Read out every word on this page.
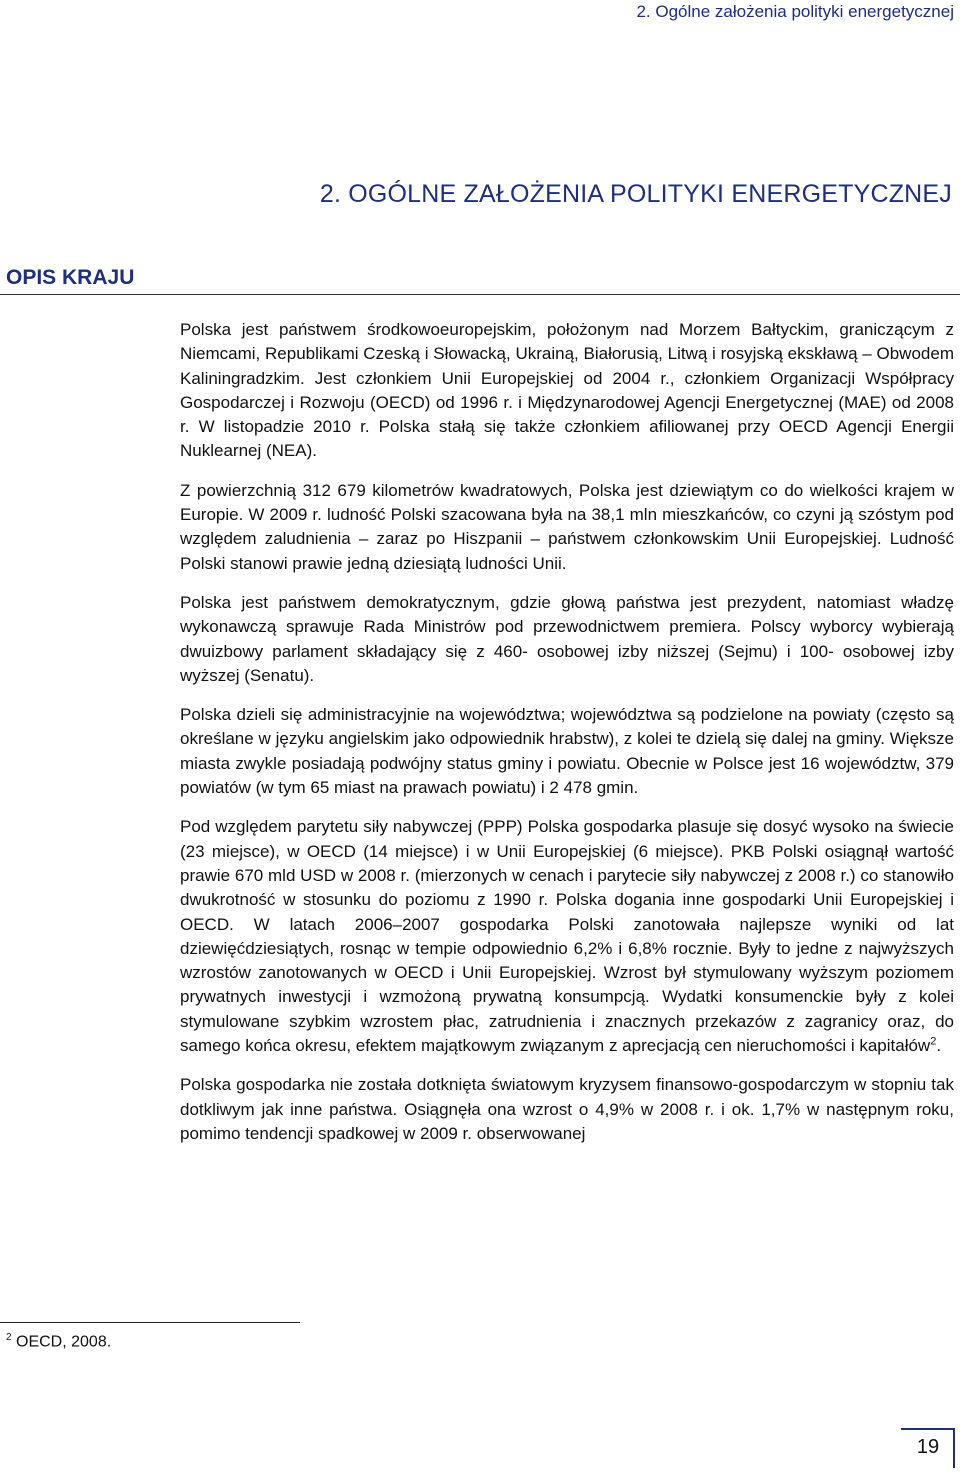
2. Ogólne założenia polityki energetycznej
2. OGÓLNE ZAŁOŻENIA POLITYKI ENERGETYCZNEJ
OPIS KRAJU

Polska jest państwem środkowoeuropejskim, położonym nad Morzem Bałtyckim, graniczącym z Niemcami, Republikami Czeską i Słowacką, Ukrainą, Białorusią, Litwą i rosyjską ekskławą – Obwodem Kaliningradzkim. Jest członkiem Unii Europejskiej od 2004 r., członkiem Organizacji Współpracy Gospodarczej i Rozwoju (OECD) od 1996 r. i Międzynarodowej Agencji Energetycznej (MAE) od 2008 r. W listopadzie 2010 r. Polska stałą się także członkiem afiliowanej przy OECD Agencji Energii Nuklearnej (NEA).

Z powierzchnią 312 679 kilometrów kwadratowych, Polska jest dziewiątym co do wielkości krajem w Europie. W 2009 r. ludność Polski szacowana była na 38,1 mln mieszkańców, co czyni ją szóstym pod względem zaludnienia – zaraz po Hiszpanii – państwem członkowskim Unii Europejskiej. Ludność Polski stanowi prawie jedną dziesiątą ludności Unii.

Polska jest państwem demokratycznym, gdzie głową państwa jest prezydent, natomiast władzę wykonawczą sprawuje Rada Ministrów pod przewodnictwem premiera. Polscy wyborcy wybierają dwuizbowy parlament składający się z 460- osobowej izby niższej (Sejmu) i 100- osobowej izby wyższej (Senatu).

Polska dzieli się administracyjnie na województwa; województwa są podzielone na powiaty (często są określane w języku angielskim jako odpowiednik hrabstw), z kolei te dzielą się dalej na gminy. Większe miasta zwykle posiadają podwójny status gminy i powiatu. Obecnie w Polsce jest 16 województw, 379 powiatów (w tym 65 miast na prawach powiatu) i 2 478 gmin.

Pod względem parytetu siły nabywczej (PPP) Polska gospodarka plasuje się dosyć wysoko na świecie (23 miejsce), w OECD (14 miejsce) i w Unii Europejskiej (6 miejsce). PKB Polski osiągnął wartość prawie 670 mld USD w 2008 r. (mierzonych w cenach i parytecie siły nabywczej z 2008 r.) co stanowiło dwukrotność w stosunku do poziomu z 1990 r. Polska dogania inne gospodarki Unii Europejskiej i OECD. W latach 2006–2007 gospodarka Polski zanotowała najlepsze wyniki od lat dziewięćdziesiątych, rosnąc w tempie odpowiednio 6,2% i 6,8% rocznie. Były to jedne z najwyższych wzrostów zanotowanych w OECD i Unii Europejskiej. Wzrost był stymulowany wyższym poziomem prywatnych inwestycji i wzmożoną prywatną konsumpcją. Wydatki konsumenckie były z kolei stymulowane szybkim wzrostem płac, zatrudnienia i znacznych przekazów z zagranicy oraz, do samego końca okresu, efektem majątkowym związanym z aprecjacją cen nieruchomości i kapitałów$^2$.

Polska gospodarka nie została dotknięta światowym kryzysem finansowo-gospodarczym w stopniu tak dotkliwym jak inne państwa. Osiągnęła ona wzrost o 4,9% w 2008 r. i ok. 1,7% w następnym roku, pomimo tendencji spadkowej w 2009 r. obserwowanej

$^2$ OECD, 2008.
19
